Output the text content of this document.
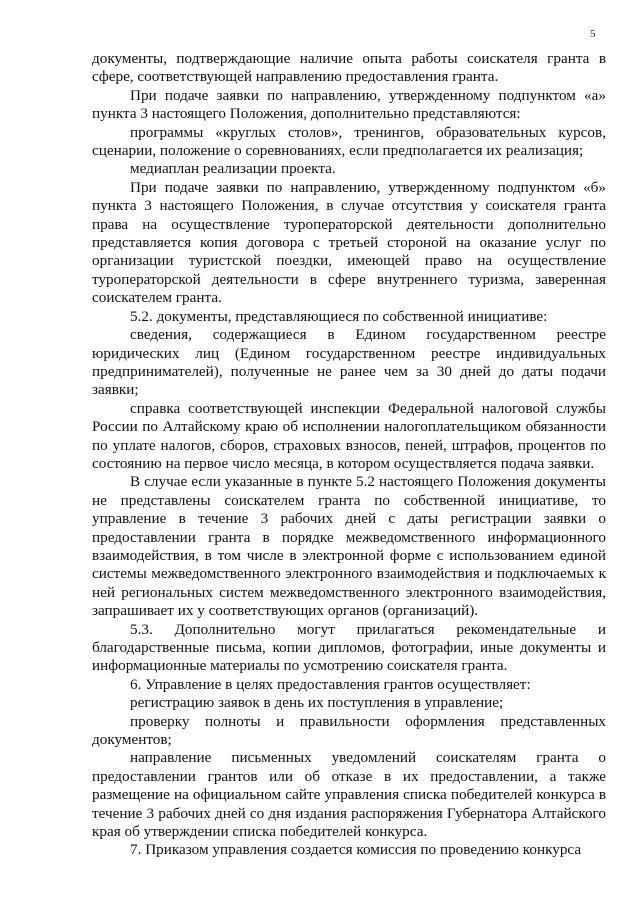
5

документы, подтверждающие наличие опыта работы соискателя гранта в сфере, соответствующей направлению предоставления гранта.

При подаче заявки по направлению, утвержденному подпунктом «а» пункта 3 настоящего Положения, дополнительно представляются:

программы «круглых столов», тренингов, образовательных курсов, сценарии, положение о соревнованиях, если предполагается их реализация;

медиаплан реализации проекта.

При подаче заявки по направлению, утвержденному подпунктом «б» пункта 3 настоящего Положения, в случае отсутствия у соискателя гранта права на осуществление туроператорской деятельности дополнительно представляется копия договора с третьей стороной на оказание услуг по организации туристской поездки, имеющей право на осуществление туроператорской деятельности в сфере внутреннего туризма, заверенная соискателем гранта.

5.2. документы, представляющиеся по собственной инициативе:

сведения, содержащиеся в Едином государственном реестре юридических лиц (Едином государственном реестре индивидуальных предпринимателей), полученные не ранее чем за 30 дней до даты подачи заявки;

справка соответствующей инспекции Федеральной налоговой службы России по Алтайскому краю об исполнении налогоплательщиком обязанности по уплате налогов, сборов, страховых взносов, пеней, штрафов, процентов по состоянию на первое число месяца, в котором осуществляется подача заявки.

В случае если указанные в пункте 5.2 настоящего Положения документы не представлены соискателем гранта по собственной инициативе, то управление в течение 3 рабочих дней с даты регистрации заявки о предоставлении гранта в порядке межведомственного информационного взаимодействия, в том числе в электронной форме с использованием единой системы межведомственного электронного взаимодействия и подключаемых к ней региональных систем межведомственного электронного взаимодействия, запрашивает их у соответствующих органов (организаций).

5.3. Дополнительно могут прилагаться рекомендательные и благодарственные письма, копии дипломов, фотографии, иные документы и информационные материалы по усмотрению соискателя гранта.

6. Управление в целях предоставления грантов осуществляет:

регистрацию заявок в день их поступления в управление;

проверку полноты и правильности оформления представленных документов;

направление письменных уведомлений соискателям гранта о предоставлении грантов или об отказе в их предоставлении, а также размещение на официальном сайте управления списка победителей конкурса в течение 3 рабочих дней со дня издания распоряжения Губернатора Алтайского края об утверждении списка победителей конкурса.

7. Приказом управления создается комиссия по проведению конкурса
